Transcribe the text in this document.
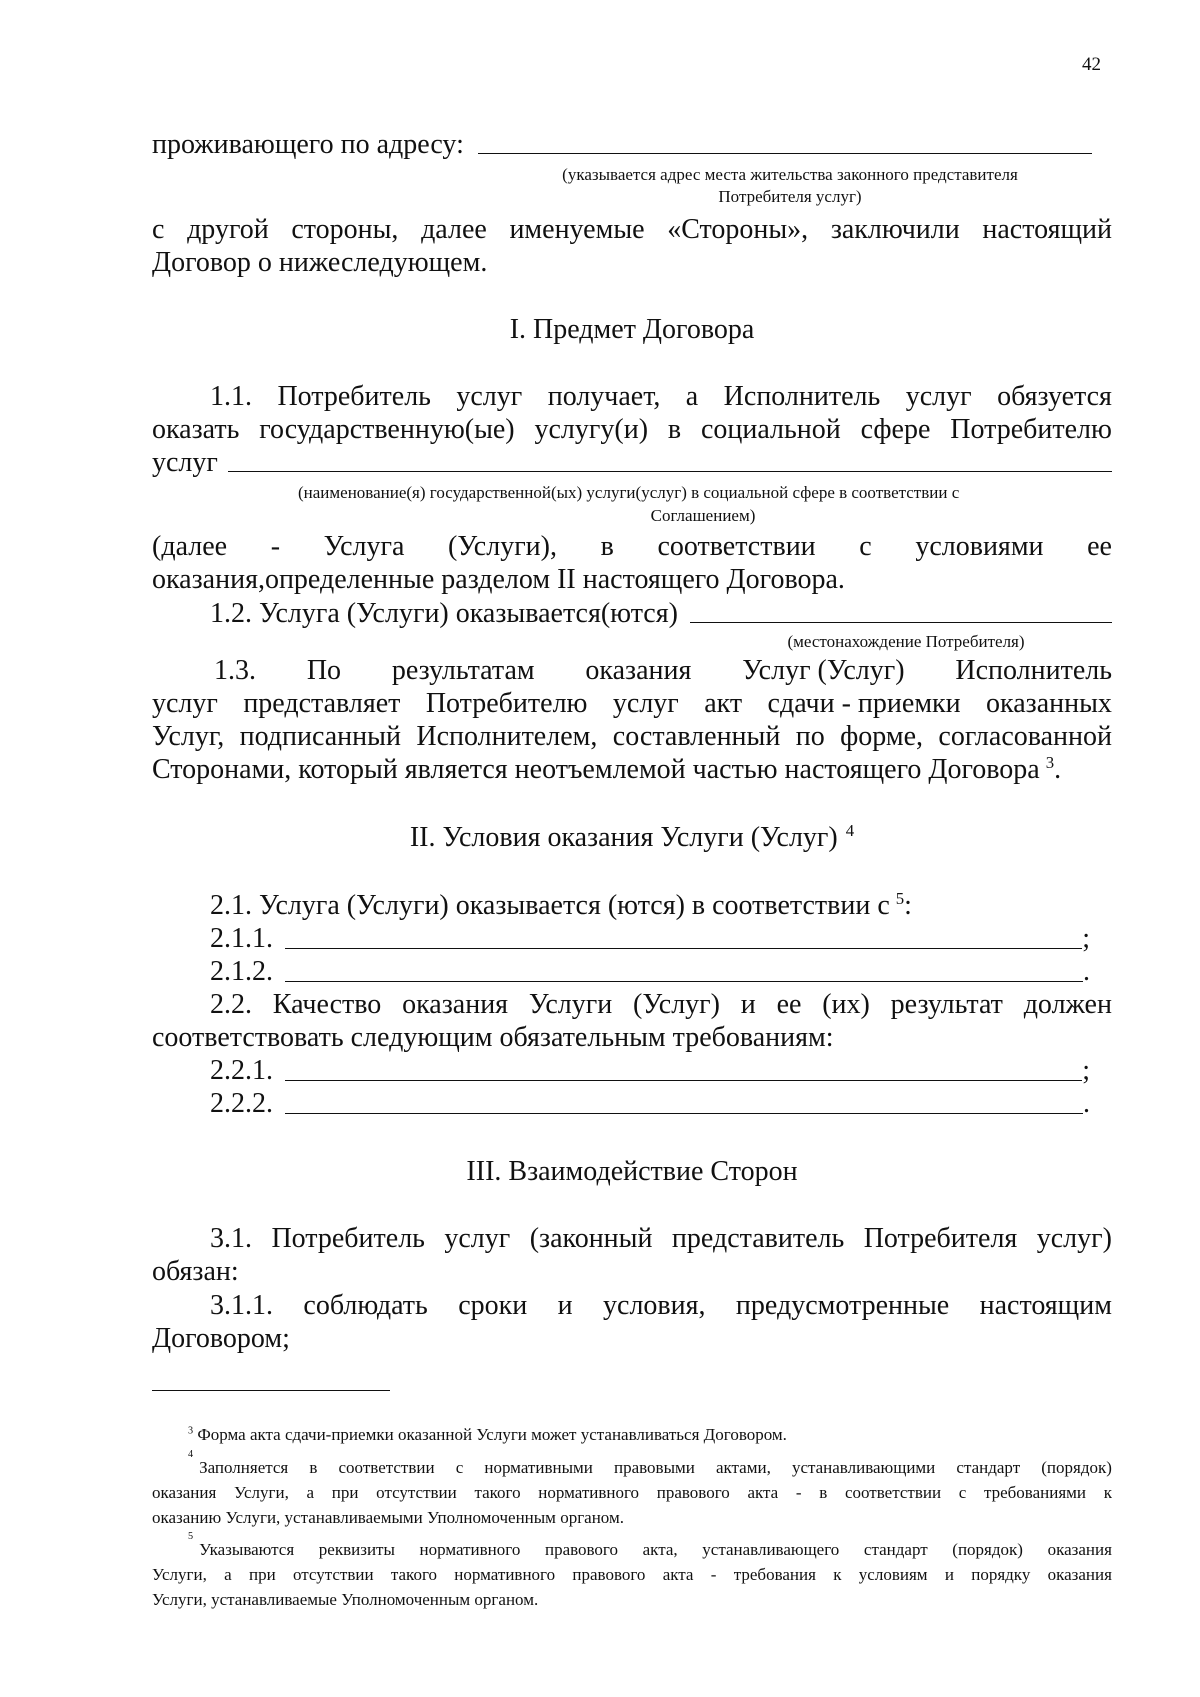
42
проживающего по адресу:
(указывается адрес места жительства законного представителя
Потребителя услуг)
с другой стороны, далее именуемые «Стороны», заключили настоящий
Договор о нижеследующем.
I. Предмет Договора
1.1. Потребитель услуг получает, а Исполнитель услуг обязуется
оказать государственную(ые) услугу(и) в социальной сфере Потребителю
услуг
(наименование(я) государственной(ых) услуги(услуг) в социальной сфере в соответствии с
Соглашением)
(далее - Услуга (Услуги), в соответствии с условиями ее
оказания,определенные разделом II настоящего Договора.
1.2. Услуга (Услуги) оказывается(ются)
(местонахождение Потребителя)
1.3. По результатам оказания Услуг (Услуг) Исполнитель
услуг представляет Потребителю услуг акт сдачи - приемки оказанных
Услуг, подписанный Исполнителем, составленный по форме, согласованной
Сторонами, который является неотъемлемой частью настоящего Договора $^3$.
II. Условия оказания Услуги (Услуг) $^4$
2.1. Услуга (Услуги) оказывается (ются) в соответствии с $^5$:
2.1.1.	;
2.1.2.	.
2.2. Качество оказания Услуги (Услуг) и ее (их) результат должен
соответствовать следующим обязательным требованиям:
2.2.1.	;
2.2.2.	.
III. Взаимодействие Сторон
3.1. Потребитель услуг (законный представитель Потребителя услуг)
обязан:
3.1.1. соблюдать сроки и условия, предусмотренные настоящим
Договором;
$^3$ Форма акта сдачи-приемки оказанной Услуги может устанавливаться Договором.
4
Заполняется в соответствии с нормативными правовыми актами, устанавливающими стандарт (порядок)
оказания Услуги, а при отсутствии такого нормативного правового акта - в соответствии с требованиями к
оказанию Услуги, устанавливаемыми Уполномоченным органом.
5
Указываются реквизиты нормативного правового акта, устанавливающего стандарт (порядок) оказания
Услуги, а при отсутствии такого нормативного правового акта - требования к условиям и порядку оказания
Услуги, устанавливаемые Уполномоченным органом.
